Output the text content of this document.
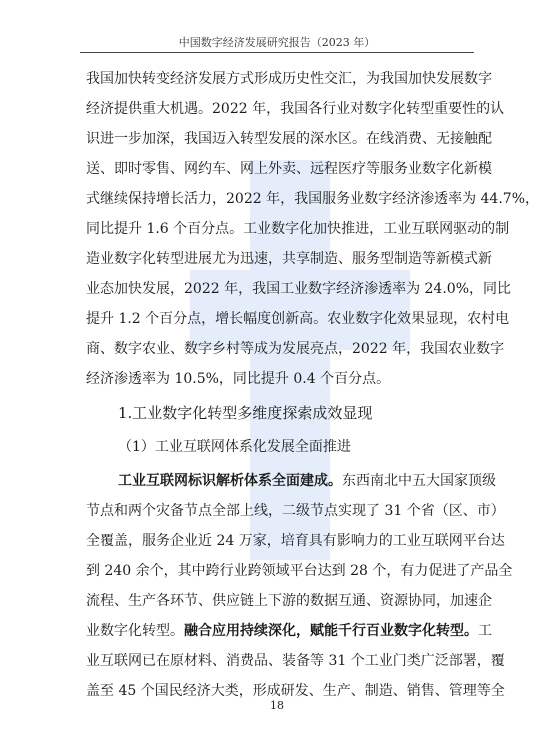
中国数字经济发展研究报告（2023 年）
我国加快转变经济发展方式形成历史性交汇，为我国加快发展数字
经济提供重大机遇。2022 年，我国各行业对数字化转型重要性的认
识进一步加深，我国迈入转型发展的深水区。在线消费、无接触配
送、即时零售、网约车、网上外卖、远程医疗等服务业数字化新模
式继续保持增长活力，2022 年，我国服务业数字经济渗透率为 44.7%，
同比提升 1.6 个百分点。工业数字化加快推进，工业互联网驱动的制
造业数字化转型进展尤为迅速，共享制造、服务型制造等新模式新
业态加快发展，2022 年，我国工业数字经济渗透率为 24.0%，同比
提升 1.2 个百分点，增长幅度创新高。农业数字化效果显现，农村电
商、数字农业、数字乡村等成为发展亮点，2022 年，我国农业数字
经济渗透率为 10.5%，同比提升 0.4 个百分点。
1.工业数字化转型多维度探索成效显现
（1）工业互联网体系化发展全面推进
工业互联网标识解析体系全面建成。东西南北中五大国家顶级
节点和两个灾备节点全部上线，二级节点实现了 31 个省（区、市）
全覆盖，服务企业近 24 万家，培育具有影响力的工业互联网平台达
到 240 余个，其中跨行业跨领域平台达到 28 个，有力促进了产品全
流程、生产各环节、供应链上下游的数据互通、资源协同，加速企
业数字化转型。融合应用持续深化，赋能千行百业数字化转型。工
业互联网已在原材料、消费品、装备等 31 个工业门类广泛部署，覆
盖至 45 个国民经济大类，形成研发、生产、制造、销售、管理等全
18
